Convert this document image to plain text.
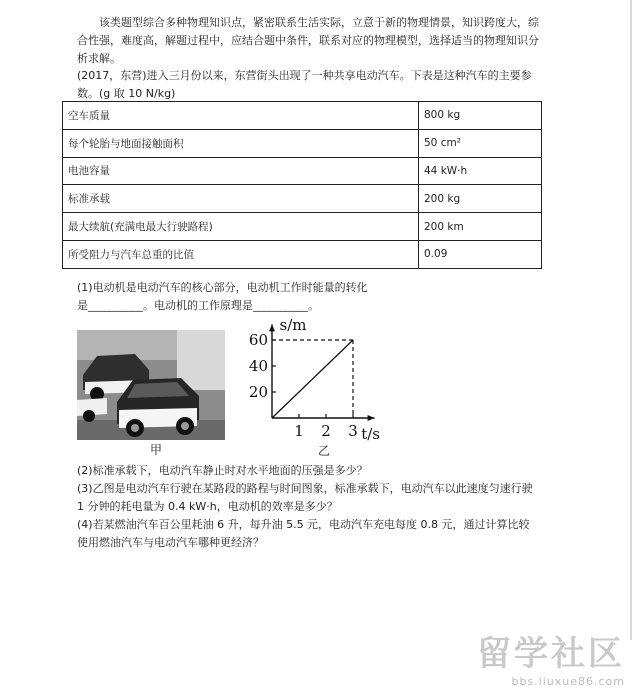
该类题型综合多种物理知识点，紧密联系生活实际，立意于新的物理情景，知识跨度大，综合性强，难度高，解题过程中，应结合题中条件，联系对应的物理模型，选择适当的物理知识分析求解。

(2017，东营)进入三月份以来，东营街头出现了一种共享电动汽车。下表是这种汽车的主要参数。(g 取 10 N/kg)

空车质量	800 kg
每个轮胎与地面接触面积	50 cm²
电池容量	44 kW·h
标准承载	200 kg
最大续航(充满电最大行驶路程)	200 km
所受阻力与汽车总重的比值	0.09

(1)电动机是电动汽车的核心部分，电动机工作时能量的转化是__________。电动机的工作原理是__________。

甲
20
40
60
1 2 3
s/m
t/s
乙

(2)标准承载下，电动汽车静止时对水平地面的压强是多少？

(3)乙图是电动汽车行驶在某路段的路程与时间图象，标准承载下，电动汽车以此速度匀速行驶 1 分钟的耗电量为 0.4 kW·h，电动机的效率是多少？

(4)若某燃油汽车百公里耗油 6 升，每升油 5.5 元，电动汽车充电每度 0.8 元，通过计算比较使用燃油汽车与电动汽车哪种更经济？

留学社区
bbs.liuxue86.com
